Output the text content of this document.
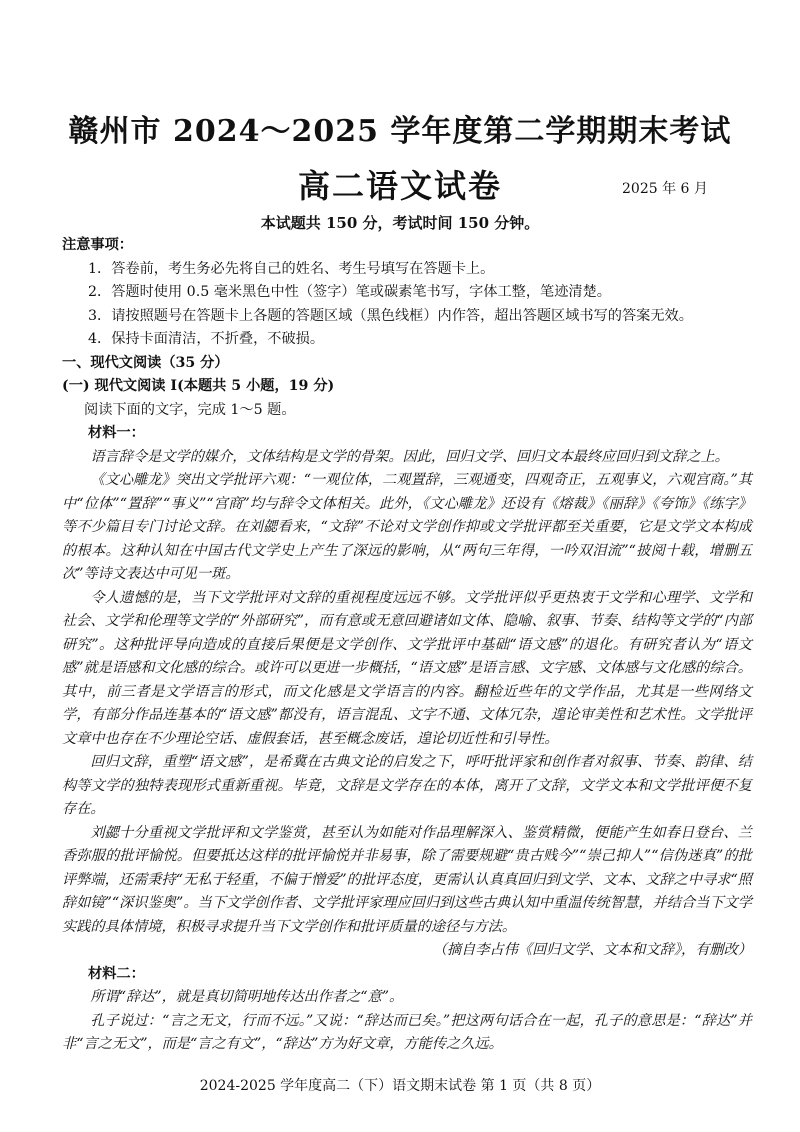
赣州市 2024～2025 学年度第二学期期末考试
高二语文试卷	2025 年 6 月
本试题共 150 分，考试时间 150 分钟。

注意事项：

1．答卷前，考生务必先将自己的姓名、考生号填写在答题卡上。

2．答题时使用 0.5 毫米黑色中性（签字）笔或碳素笔书写，字体工整，笔迹清楚。

3．请按照题号在答题卡上各题的答题区域（黑色线框）内作答，超出答题区域书写的答案无效。

4．保持卡面清洁，不折叠，不破损。

一、现代文阅读（35 分）

(一) 现代文阅读 I(本题共 5 小题，19 分)

阅读下面的文字，完成 1～5 题。

材料一：

语言辞令是文学的媒介，文体结构是文学的骨架。因此，回归文学、回归文本最终应回归到文辞之上。

《文心雕龙》突出文学批评六观：“一观位体，二观置辞，三观通变，四观奇正，五观事义，六观宫商。”其中“位体”“置辞”“事义”“宫商”均与辞令文体相关。此外，《文心雕龙》还设有《熔裁》《丽辞》《夸饰》《练字》等不少篇目专门讨论文辞。在刘勰看来，“文辞”不论对文学创作抑或文学批评都至关重要，它是文学文本构成的根本。这种认知在中国古代文学史上产生了深远的影响，从“两句三年得，一吟双泪流”“披阅十载，增删五次”等诗文表达中可见一斑。

令人遗憾的是，当下文学批评对文辞的重视程度远远不够。文学批评似乎更热衷于文学和心理学、文学和社会、文学和伦理等文学的“外部研究”，而有意或无意回避诸如文体、隐喻、叙事、节奏、结构等文学的“内部研究”。这种批评导向造成的直接后果便是文学创作、文学批评中基础“语文感”的退化。有研究者认为“语文感”就是语感和文化感的综合。或许可以更进一步概括，“语文感”是语言感、文字感、文体感与文化感的综合。其中，前三者是文学语言的形式，而文化感是文学语言的内容。翻检近些年的文学作品，尤其是一些网络文学，有部分作品连基本的“语文感”都没有，语言混乱、文字不通、文体冗杂，遑论审美性和艺术性。文学批评文章中也存在不少理论空话、虚假套话，甚至概念废话，遑论切近性和引导性。

回归文辞，重塑“语文感”，是希冀在古典文论的启发之下，呼吁批评家和创作者对叙事、节奏、韵律、结构等文学的独特表现形式重新重视。毕竟，文辞是文学存在的本体，离开了文辞，文学文本和文学批评便不复存在。

刘勰十分重视文学批评和文学鉴赏，甚至认为如能对作品理解深入、鉴赏精微，便能产生如春日登台、兰香弥服的批评愉悦。但要抵达这样的批评愉悦并非易事，除了需要规避“贵古贱今”“崇己抑人”“信伪迷真”的批评弊端，还需秉持“无私于轻重，不偏于憎爱”的批评态度，更需认认真真回归到文学、文本、文辞之中寻求“照辞如镜”“深识鉴奥”。当下文学创作者、文学批评家理应回归到这些古典认知中重温传统智慧，并结合当下文学实践的具体情境，积极寻求提升当下文学创作和批评质量的途径与方法。

（摘自李占伟《回归文学、文本和文辞》，有删改）

材料二：

所谓“辞达”，就是真切简明地传达出作者之“意”。

孔子说过：“言之无文，行而不远。”又说：“辞达而已矣。”把这两句话合在一起，孔子的意思是：“辞达”并非“言之无文”，而是“言之有文”，“辞达”方为好文章，方能传之久远。

2024-2025 学年度高二（下）语文期末试卷 第 1 页（共 8 页）
